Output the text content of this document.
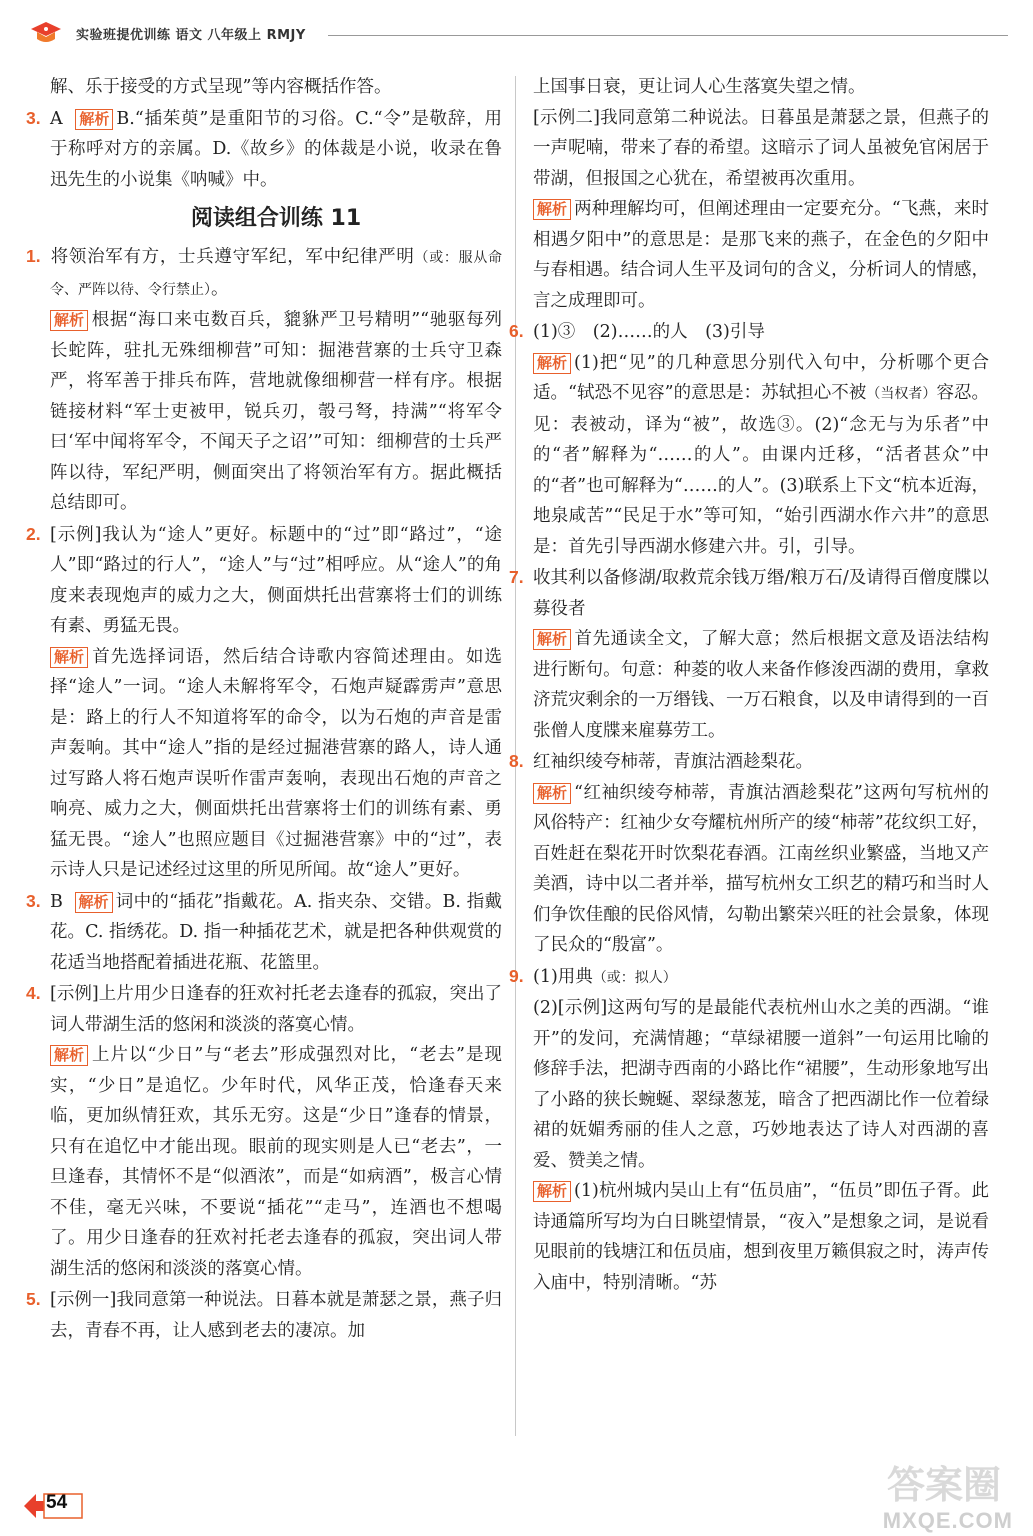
实验班提优训练 语文 八年级上 RMJY

解、乐于接受的方式呈现”等内容概括作答。

3. A 解析 B.“插茱萸”是重阳节的习俗。C.“令”是敬辞，用于称呼对方的亲属。D.《故乡》的体裁是小说，收录在鲁迅先生的小说集《呐喊》中。

阅读组合训练 11

1. 将领治军有方，士兵遵守军纪，军中纪律严明（或：服从命令、严阵以待、令行禁止）。

解析 根据“海口来屯数百兵，貔貅严卫号精明”“驰驱每列长蛇阵，驻扎无殊细柳营”可知：掘港营寨的士兵守卫森严，将军善于排兵布阵，营地就像细柳营一样有序。根据链接材料“军士吏被甲，锐兵刃，彀弓弩，持满”“将军令曰‘军中闻将军令，不闻天子之诏’”可知：细柳营的士兵严阵以待，军纪严明，侧面突出了将领治军有方。据此概括总结即可。

2. [示例]我认为“途人”更好。标题中的“过”即“路过”，“途人”即“路过的行人”，“途人”与“过”相呼应。从“途人”的角度来表现炮声的威力之大，侧面烘托出营寨将士们的训练有素、勇猛无畏。

解析 首先选择词语，然后结合诗歌内容简述理由。如选择“途人”一词。“途人未解将军令，石炮声疑霹雳声”意思是：路上的行人不知道将军的命令，以为石炮的声音是雷声轰响。其中“途人”指的是经过掘港营寨的路人，诗人通过写路人将石炮声误听作雷声轰响，表现出石炮的声音之响亮、威力之大，侧面烘托出营寨将士们的训练有素、勇猛无畏。“途人”也照应题目《过掘港营寨》中的“过”，表示诗人只是记述经过这里的所见所闻。故“途人”更好。

3. B 解析 词中的“插花”指戴花。A. 指夹杂、交错。B. 指戴花。C. 指绣花。D. 指一种插花艺术，就是把各种供观赏的花适当地搭配着插进花瓶、花篮里。

4. [示例]上片用少日逢春的狂欢衬托老去逢春的孤寂，突出了词人带湖生活的悠闲和淡淡的落寞心情。

解析 上片以“少日”与“老去”形成强烈对比，“老去”是现实，“少日”是追忆。少年时代，风华正茂，恰逢春天来临，更加纵情狂欢，其乐无穷。这是“少日”逢春的情景，只有在追忆中才能出现。眼前的现实则是人已“老去”，一旦逢春，其情怀不是“似酒浓”，而是“如病酒”，极言心情不佳，毫无兴味，不要说“插花”“走马”，连酒也不想喝了。用少日逢春的狂欢衬托老去逢春的孤寂，突出词人带湖生活的悠闲和淡淡的落寞心情。

5. [示例一]我同意第一种说法。日暮本就是萧瑟之景，燕子归去，青春不再，让人感到老去的凄凉。加

上国事日衰，更让词人心生落寞失望之情。

[示例二]我同意第二种说法。日暮虽是萧瑟之景，但燕子的一声呢喃，带来了春的希望。这暗示了词人虽被免官闲居于带湖，但报国之心犹在，希望被再次重用。

解析 两种理解均可，但阐述理由一定要充分。“飞燕，来时相遇夕阳中”的意思是：是那飞来的燕子，在金色的夕阳中与春相遇。结合词人生平及词句的含义，分析词人的情感，言之成理即可。

6. (1)③　(2)……的人　(3)引导

解析 (1)把“见”的几种意思分别代入句中，分析哪个更合适。“轼恐不见容”的意思是：苏轼担心不被（当权者）容忍。见：表被动，译为“被”，故选③。(2)“念无与为乐者”中的“者”解释为“……的人”。由课内迁移，“活者甚众”中的“者”也可解释为“……的人”。(3)联系上下文“杭本近海，地泉咸苦”“民足于水”等可知，“始引西湖水作六井”的意思是：首先引导西湖水修建六井。引，引导。

7. 收其利以备修湖/取救荒余钱万缗/粮万石/及请得百僧度牒以募役者

解析 首先通读全文，了解大意；然后根据文意及语法结构进行断句。句意：种菱的收人来备作修浚西湖的费用，拿救济荒灾剩余的一万缗钱、一万石粮食，以及申请得到的一百张僧人度牒来雇募劳工。

8. 红袖织绫夸柿蒂，青旗沽酒趁梨花。

解析 “红袖织绫夸柿蒂，青旗沽酒趁梨花”这两句写杭州的风俗特产：红袖少女夸耀杭州所产的绫“柿蒂”花纹织工好，百姓赶在梨花开时饮梨花春酒。江南丝织业繁盛，当地又产美酒，诗中以二者并举，描写杭州女工织艺的精巧和当时人们争饮佳酿的民俗风情，勾勒出繁荣兴旺的社会景象，体现了民众的“殷富”。

9. (1)用典（或：拟人）

(2)[示例]这两句写的是最能代表杭州山水之美的西湖。“谁开”的发问，充满情趣；“草绿裙腰一道斜”一句运用比喻的修辞手法，把湖寺西南的小路比作“裙腰”，生动形象地写出了小路的狭长蜿蜒、翠绿葱茏，暗含了把西湖比作一位着绿裙的妩媚秀丽的佳人之意，巧妙地表达了诗人对西湖的喜爱、赞美之情。

解析 (1)杭州城内吴山上有“伍员庙”，“伍员”即伍子胥。此诗通篇所写均为白日眺望情景，“夜入”是想象之词，是说看见眼前的钱塘江和伍员庙，想到夜里万籁俱寂之时，涛声传入庙中，特别清晰。“苏

54	答案圈
MXQE.COM
